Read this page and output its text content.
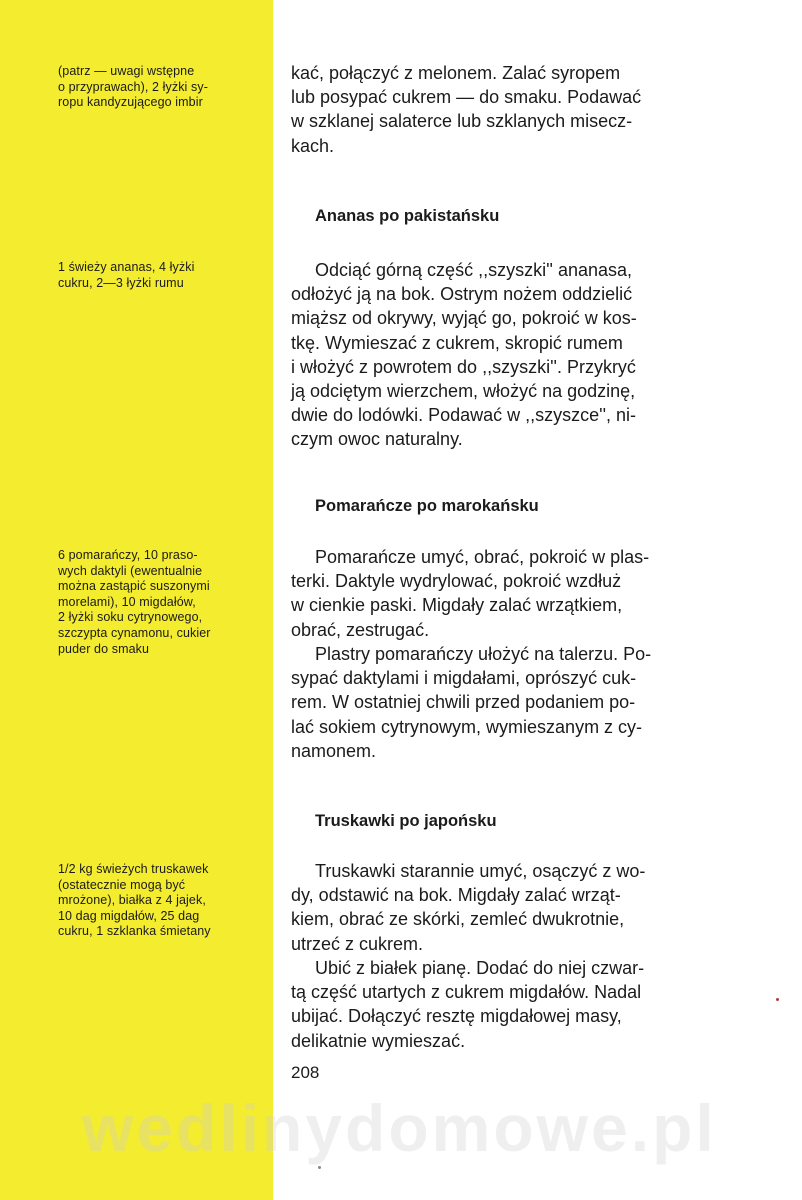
(patrz — uwagi wstępne
o przyprawach), 2 łyżki sy-
ropu kandyzującego imbir

1 świeży ananas, 4 łyżki
cukru, 2—3 łyżki rumu

6 pomarańczy, 10 praso-
wych daktyli (ewentualnie
można zastąpić suszonymi
morelami), 10 migdałów,
2 łyżki soku cytrynowego,
szczypta cynamonu, cukier
puder do smaku

1/2 kg świeżych truskawek
(ostatecznie mogą być
mrożone), białka z 4 jajek,
10 dag migdałów, 25 dag
cukru, 1 szklanka śmietany

kać, połączyć z melonem. Zalać syropem
lub posypać cukrem — do smaku. Podawać
w szklanej salaterce lub szklanych misecz-
kach.

Ananas po pakistańsku

Odciąć górną część ,,szyszki'' ananasa,
odłożyć ją na bok. Ostrym nożem oddzielić
miąższ od okrywy, wyjąć go, pokroić w kos-
tkę. Wymieszać z cukrem, skropić rumem
i włożyć z powrotem do ,,szyszki''. Przykryć
ją odciętym wierzchem, włożyć na godzinę,
dwie do lodówki. Podawać w ,,szyszce'', ni-
czym owoc naturalny.

Pomarańcze po marokańsku

Pomarańcze umyć, obrać, pokroić w plas-
terki. Daktyle wydrylować, pokroić wzdłuż
w cienkie paski. Migdały zalać wrzątkiem,
obrać, zestrugać.

Plastry pomarańczy ułożyć na talerzu. Po-
sypać daktylami i migdałami, oprószyć cuk-
rem. W ostatniej chwili przed podaniem po-
lać sokiem cytrynowym, wymieszanym z cy-
namonem.

Truskawki po japońsku

Truskawki starannie umyć, osączyć z wo-
dy, odstawić na bok. Migdały zalać wrząt-
kiem, obrać ze skórki, zemleć dwukrotnie,
utrzeć z cukrem.

Ubić z białek pianę. Dodać do niej czwar-
tą część utartych z cukrem migdałów. Nadal
ubijać. Dołączyć resztę migdałowej masy,
delikatnie wymieszać.

208

wedlinydomowe.pl
